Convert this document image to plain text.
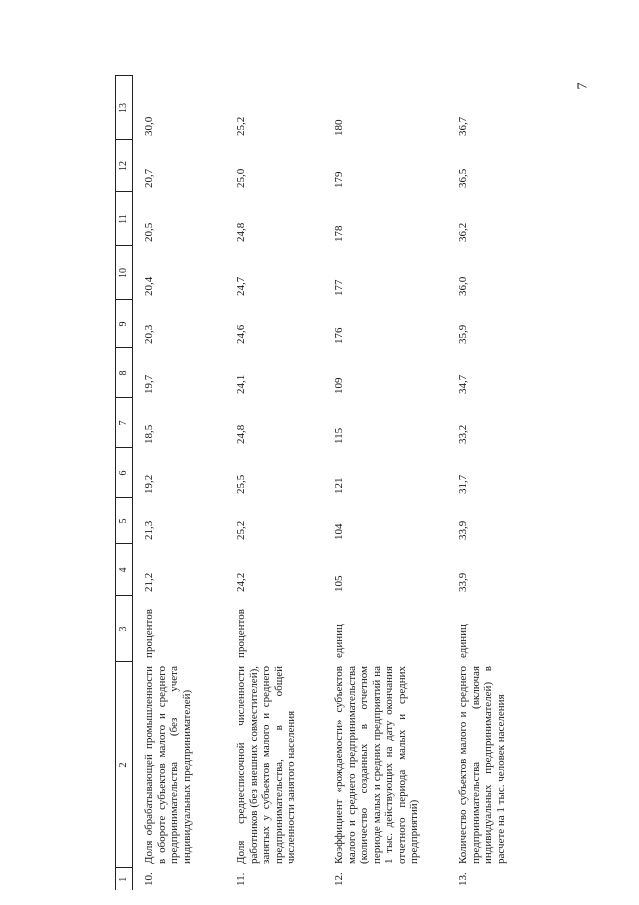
7
1	2	3	4	5	6	7	8	9	10	11	12	13
10.	Доля обрабатывающей промышленности в обороте субъектов малого и среднего предпринимательства (без учета индивидуальных предпринимателей)	процентов	21,2	21,3	19,2	18,5	19,7	20,3	20,4	20,5	20,7	30,0
11.	Доля среднесписочной численности работников (без внешних совместителей), занятых у субъектов малого и среднего предпринимательства, в общей численности занятого населения	процентов	24,2	25,2	25,5	24,8	24,1	24,6	24,7	24,8	25,0	25,2
12.	Коэффициент «рождаемости» субъектов малого и среднего предпринимательства (количество созданных в отчетном периоде малых и средних предприятий на 1 тыс. действующих на дату окончания отчетного периода малых и средних предприятий)	единиц	105	104	121	115	109	176	177	178	179	180
13.	Количество субъектов малого и среднего предпринимательства (включая индивидуальных предпринимателей) в расчете на 1 тыс. человек населения	единиц	33,9	33,9	31,7	33,2	34,7	35,9	36,0	36,2	36,5	36,7
